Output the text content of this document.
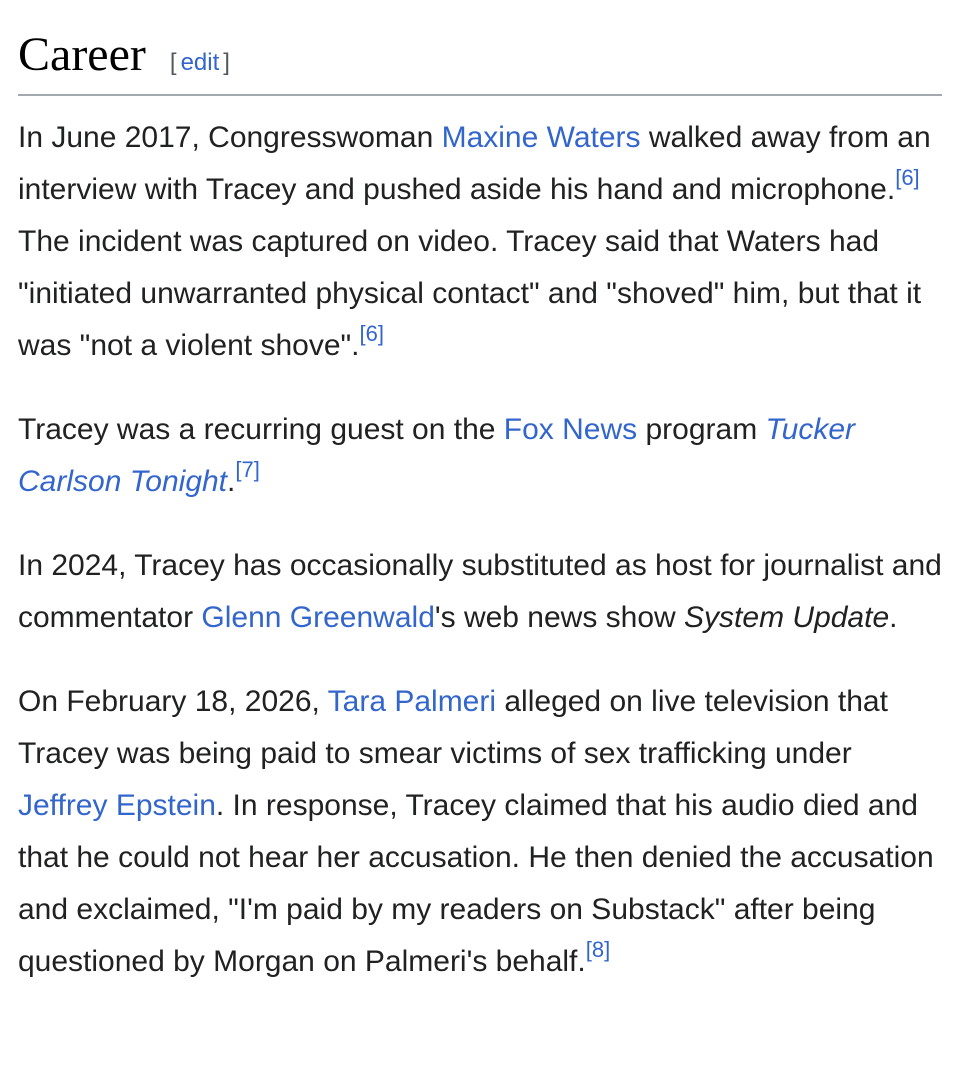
Career [ edit ]

In June 2017, Congresswoman Maxine Waters walked away from an interview with Tracey and pushed aside his hand and microphone.[6] The incident was captured on video. Tracey said that Waters had "initiated unwarranted physical contact" and "shoved" him, but that it was "not a violent shove".[6]

Tracey was a recurring guest on the Fox News program Tucker Carlson Tonight.[7]

In 2024, Tracey has occasionally substituted as host for journalist and commentator Glenn Greenwald's web news show System Update.

On February 18, 2026, Tara Palmeri alleged on live television that Tracey was being paid to smear victims of sex trafficking under Jeffrey Epstein. In response, Tracey claimed that his audio died and that he could not hear her accusation. He then denied the accusation and exclaimed, "I'm paid by my readers on Substack" after being questioned by Morgan on Palmeri's behalf.[8]
